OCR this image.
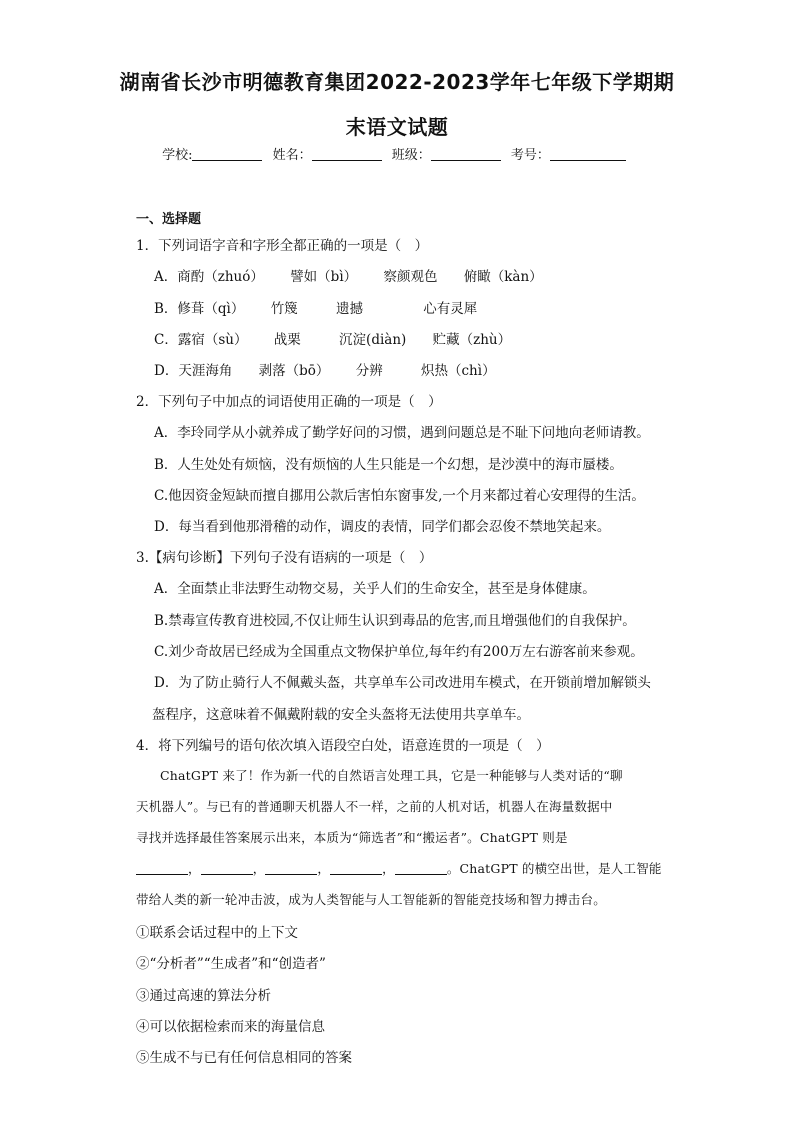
湖南省长沙市明德教育集团2022-2023学年七年级下学期期
末语文试题
学校:	姓名：	班级：	考号：
一、选择题
1．下列词语字音和字形全都正确的一项是（　）
A．商酌（zhuó） 譬如（bì） 察颜观色 俯瞰（kàn）
B．修葺（qì） 竹篾	遗撼	心有灵犀
C．露宿（sù） 战栗	沉淀(diàn) 贮藏（zhù）
D．天涯海角 剥落（bō） 分辨	炽热（chì）
2．下列句子中加点的词语使用正确的一项是（　）
A．李玲同学从小就养成了勤学好问的习惯，遇到问题总是不耻下问地向老师请教。
B．人生处处有烦恼，没有烦恼的人生只能是一个幻想，是沙漠中的海市蜃楼。
C.他因资金短缺而擅自挪用公款后害怕东窗事发,一个月来都过着心安理得的生活。
D．每当看到他那滑稽的动作，调皮的表情，同学们都会忍俊不禁地笑起来。
3.【病句诊断】下列句子没有语病的一项是（　）
A．全面禁止非法野生动物交易，关乎人们的生命安全，甚至是身体健康。
B.禁毒宣传教育进校园,不仅让师生认识到毒品的危害,而且增强他们的自我保护。
C.刘少奇故居已经成为全国重点文物保护单位,每年约有200万左右游客前来参观。
D．为了防止骑行人不佩戴头盔，共享单车公司改进用车模式，在开锁前增加解锁头
盔程序，这意味着不佩戴附载的安全头盔将无法使用共享单车。
4．将下列编号的语句依次填入语段空白处，语意连贯的一项是（　）
ChatGPT 来了！作为新一代的自然语言处理工具，它是一种能够与人类对话的“聊
天机器人”。与已有的普通聊天机器人不一样，之前的人机对话，机器人在海量数据中
寻找并选择最佳答案展示出来，本质为“筛选者”和“搬运者”。ChatGPT 则是
，	，	，	，	。ChatGPT 的横空出世，是人工智能
带给人类的新一轮冲击波，成为人类智能与人工智能新的智能竞技场和智力搏击台。
①联系会话过程中的上下文
②“分析者”“生成者”和“创造者”
③通过高速的算法分析
④可以依据检索而来的海量信息
⑤生成不与已有任何信息相同的答案
